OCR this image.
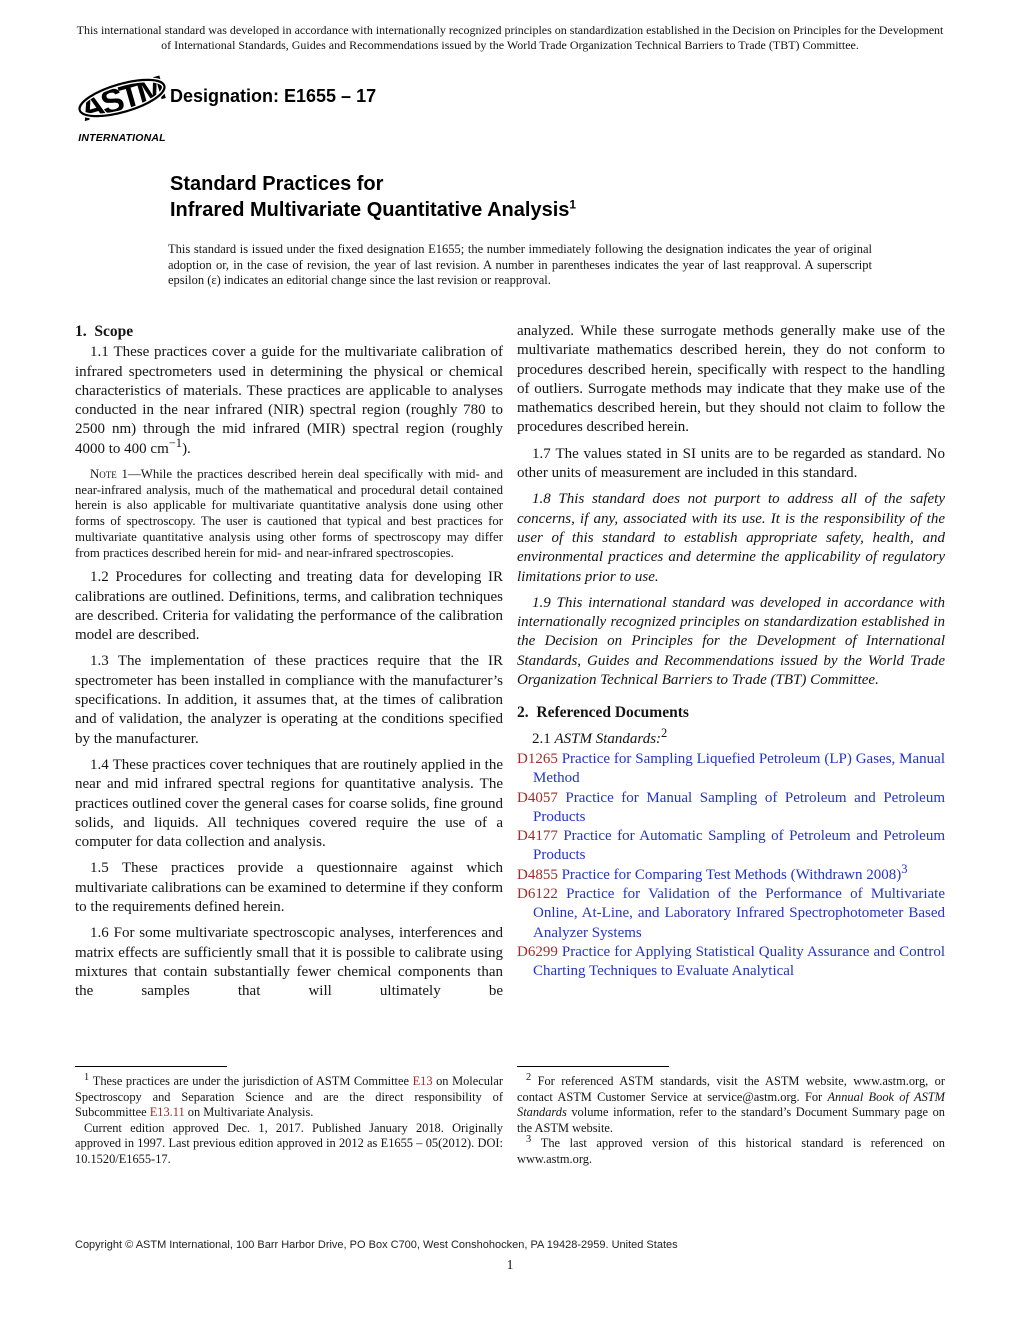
This international standard was developed in accordance with internationally recognized principles on standardization established in the Decision on Principles for the Development of International Standards, Guides and Recommendations issued by the World Trade Organization Technical Barriers to Trade (TBT) Committee.
ASTM
INTERNATIONAL
Designation: E1655 – 17
Standard Practices for
Infrared Multivariate Quantitative Analysis$^1$
This standard is issued under the fixed designation E1655; the number immediately following the designation indicates the year of original adoption or, in the case of revision, the year of last revision. A number in parentheses indicates the year of last reapproval. A superscript epsilon (ε) indicates an editorial change since the last revision or reapproval.
1.  Scope

1.1 These practices cover a guide for the multivariate calibration of infrared spectrometers used in determining the physical or chemical characteristics of materials. These practices are applicable to analyses conducted in the near infrared (NIR) spectral region (roughly 780 to 2500 nm) through the mid infrared (MIR) spectral region (roughly 4000 to 400 $cm^{-1}$).

Note 1—While the practices described herein deal specifically with mid- and near-infrared analysis, much of the mathematical and procedural detail contained herein is also applicable for multivariate quantitative analysis done using other forms of spectroscopy. The user is cautioned that typical and best practices for multivariate quantitative analysis using other forms of spectroscopy may differ from practices described herein for mid- and near-infrared spectroscopies.

1.2 Procedures for collecting and treating data for developing IR calibrations are outlined. Definitions, terms, and calibration techniques are described. Criteria for validating the performance of the calibration model are described.

1.3 The implementation of these practices require that the IR spectrometer has been installed in compliance with the manufacturer’s specifications. In addition, it assumes that, at the times of calibration and of validation, the analyzer is operating at the conditions specified by the manufacturer.

1.4 These practices cover techniques that are routinely applied in the near and mid infrared spectral regions for quantitative analysis. The practices outlined cover the general cases for coarse solids, fine ground solids, and liquids. All techniques covered require the use of a computer for data collection and analysis.

1.5 These practices provide a questionnaire against which multivariate calibrations can be examined to determine if they conform to the requirements defined herein.

1.6 For some multivariate spectroscopic analyses, interferences and matrix effects are sufficiently small that it is possible to calibrate using mixtures that contain substantially fewer chemical components than the samples that will ultimately be

analyzed. While these surrogate methods generally make use of the multivariate mathematics described herein, they do not conform to procedures described herein, specifically with respect to the handling of outliers. Surrogate methods may indicate that they make use of the mathematics described herein, but they should not claim to follow the procedures described herein.

1.7 The values stated in SI units are to be regarded as standard. No other units of measurement are included in this standard.

1.8 This standard does not purport to address all of the safety concerns, if any, associated with its use. It is the responsibility of the user of this standard to establish appropriate safety, health, and environmental practices and determine the applicability of regulatory limitations prior to use.

1.9 This international standard was developed in accordance with internationally recognized principles on standardization established in the Decision on Principles for the Development of International Standards, Guides and Recommendations issued by the World Trade Organization Technical Barriers to Trade (TBT) Committee.

2.  Referenced Documents

2.1 ASTM Standards:$^2$

D1265 Practice for Sampling Liquefied Petroleum (LP) Gases, Manual Method

D4057 Practice for Manual Sampling of Petroleum and Petroleum Products

D4177 Practice for Automatic Sampling of Petroleum and Petroleum Products

D4855 Practice for Comparing Test Methods (Withdrawn 2008)$^3$

D6122 Practice for Validation of the Performance of Multivariate Online, At-Line, and Laboratory Infrared Spectrophotometer Based Analyzer Systems

D6299 Practice for Applying Statistical Quality Assurance and Control Charting Techniques to Evaluate Analytical

$^1$ These practices are under the jurisdiction of ASTM Committee E13 on Molecular Spectroscopy and Separation Science and are the direct responsibility of Subcommittee E13.11 on Multivariate Analysis.

Current edition approved Dec. 1, 2017. Published January 2018. Originally approved in 1997. Last previous edition approved in 2012 as E1655 – 05(2012). DOI: 10.1520/E1655-17.

$^2$ For referenced ASTM standards, visit the ASTM website, www.astm.org, or contact ASTM Customer Service at service@astm.org. For Annual Book of ASTM Standards volume information, refer to the standard’s Document Summary page on the ASTM website.

$^3$ The last approved version of this historical standard is referenced on www.astm.org.

Copyright © ASTM International, 100 Barr Harbor Drive, PO Box C700, West Conshohocken, PA 19428-2959. United States
1
